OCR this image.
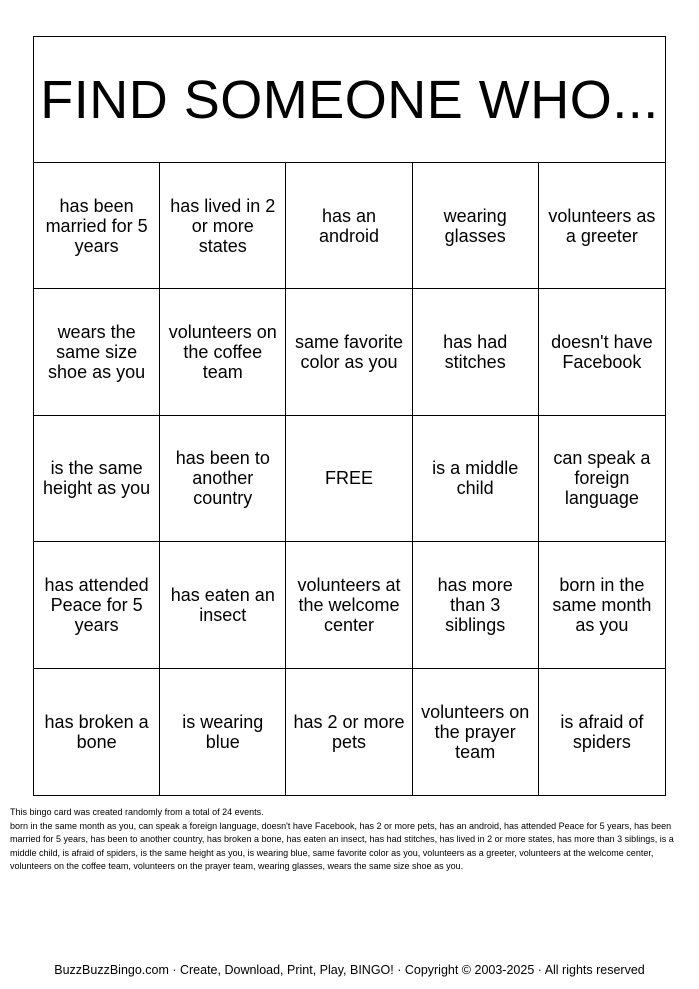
FIND SOMEONE WHO...
has been married for 5 years
has lived in 2 or more states
has an android
wearing glasses
volunteers as a greeter
wears the same size shoe as you
volunteers on the coffee team
same favorite color as you
has had stitches
doesn't have Facebook
is the same height as you
has been to another country
FREE	is a middle child
can speak a foreign language
has attended Peace for 5 years
has eaten an insect
volunteers at the welcome center
has more than 3 siblings
born in the same month as you
has broken a bone
is wearing blue
has 2 or more pets
volunteers on the prayer team
is afraid of spiders
This bingo card was created randomly from a total of 24 events.
born in the same month as you, can speak a foreign language, doesn't have Facebook, has 2 or more pets, has an android, has attended Peace for 5 years, has been married for 5 years, has been to another country, has broken a bone, has eaten an insect, has had stitches, has lived in 2 or more states, has more than 3 siblings, is a middle child, is afraid of spiders, is the same height as you, is wearing blue, same favorite color as you, volunteers as a greeter, volunteers at the welcome center, volunteers on the coffee team, volunteers on the prayer team, wearing glasses, wears the same size shoe as you.
BuzzBuzzBingo.com · Create, Download, Print, Play, BINGO! · Copyright © 2003-2025 · All rights reserved
